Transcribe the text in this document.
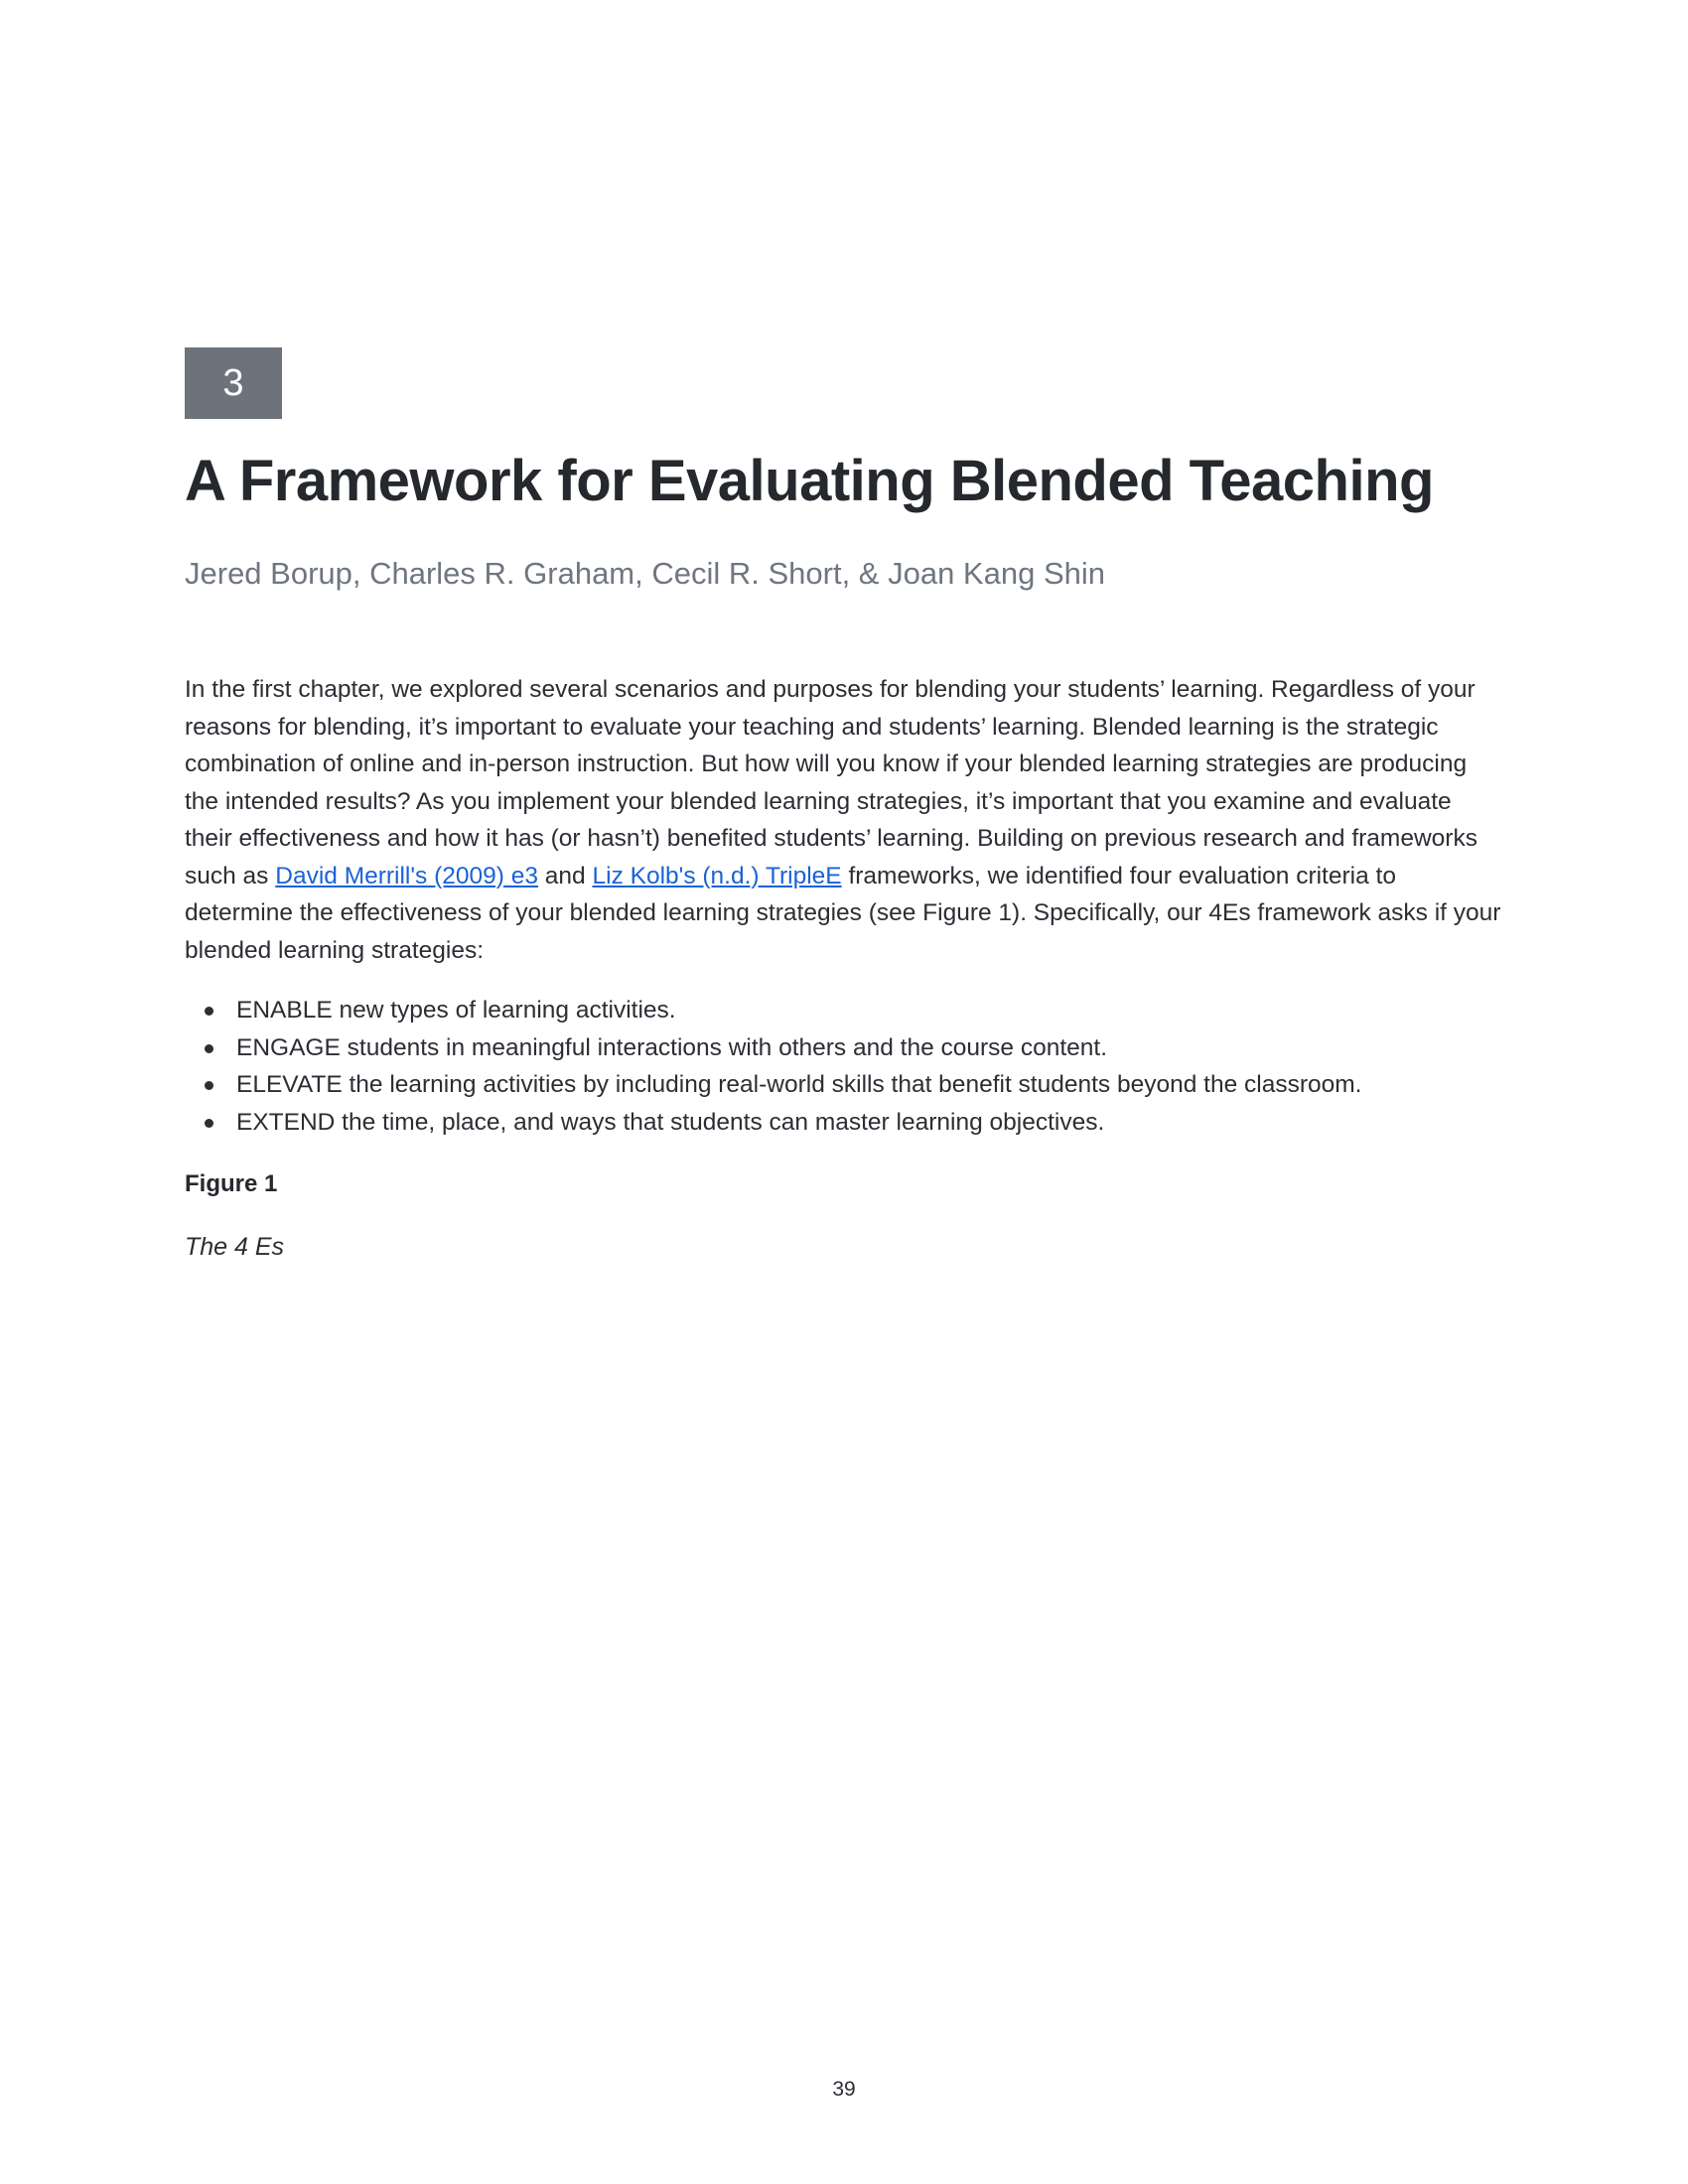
3
A Framework for Evaluating Blended Teaching

Jered Borup, Charles R. Graham, Cecil R. Short, & Joan Kang Shin

In the first chapter, we explored several scenarios and purposes for blending your students’ learning. Regardless of your reasons for blending, it’s important to evaluate your teaching and students’ learning. Blended learning is the strategic combination of online and in-person instruction. But how will you know if your blended learning strategies are producing the intended results? As you implement your blended learning strategies, it’s important that you examine and evaluate their effectiveness and how it has (or hasn’t) benefited students’ learning. Building on previous research and frameworks such as David Merrill's (2009) e3 and Liz Kolb's (n.d.) TripleE frameworks, we identified four evaluation criteria to determine the effectiveness of your blended learning strategies (see Figure 1). Specifically, our 4Es framework asks if your blended learning strategies:

ENABLE new types of learning activities.
ENGAGE students in meaningful interactions with others and the course content.
ELEVATE the learning activities by including real-world skills that benefit students beyond the classroom.
EXTEND the time, place, and ways that students can master learning objectives.

Figure 1

The 4 Es

39
